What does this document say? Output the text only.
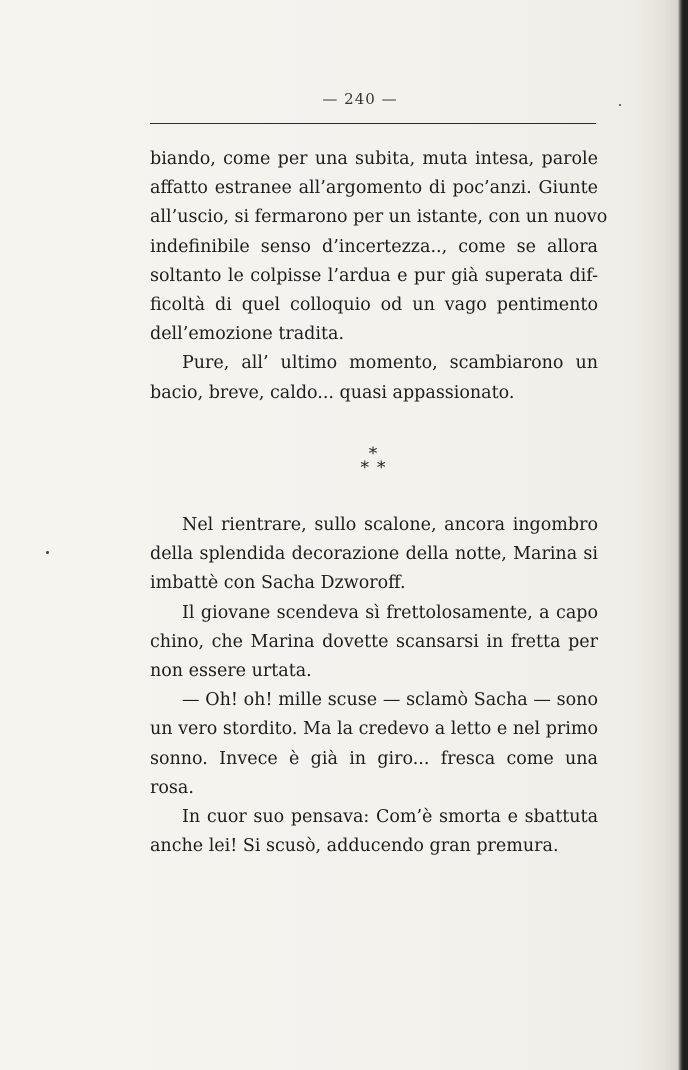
— 240 —
biando, come per una subita, muta intesa, parole
affatto estranee all’argomento di poc’anzi. Giunte
all’uscio, si fermarono per un istante, con un nuovo
indefinibile senso d’incertezza.., come se allora
soltanto le colpisse l’ardua e pur già superata dif-
ficoltà di quel colloquio od un vago pentimento
dell’emozione tradita.
Pure, all’ ultimo momento, scambiarono un
bacio, breve, caldo... quasi appassionato.
*
* *
Nel rientrare, sullo scalone, ancora ingombro
della splendida decorazione della notte, Marina si
imbattè con Sacha Dzworoff.
Il giovane scendeva sì frettolosamente, a capo
chino, che Marina dovette scansarsi in fretta per
non essere urtata.
— Oh! oh! mille scuse — sclamò Sacha — sono
un vero stordito. Ma la credevo a letto e nel primo
sonno. Invece è già in giro... fresca come una
rosa.
In cuor suo pensava: Com’è smorta e sbattuta
anche lei! Si scusò, adducendo gran premura.
